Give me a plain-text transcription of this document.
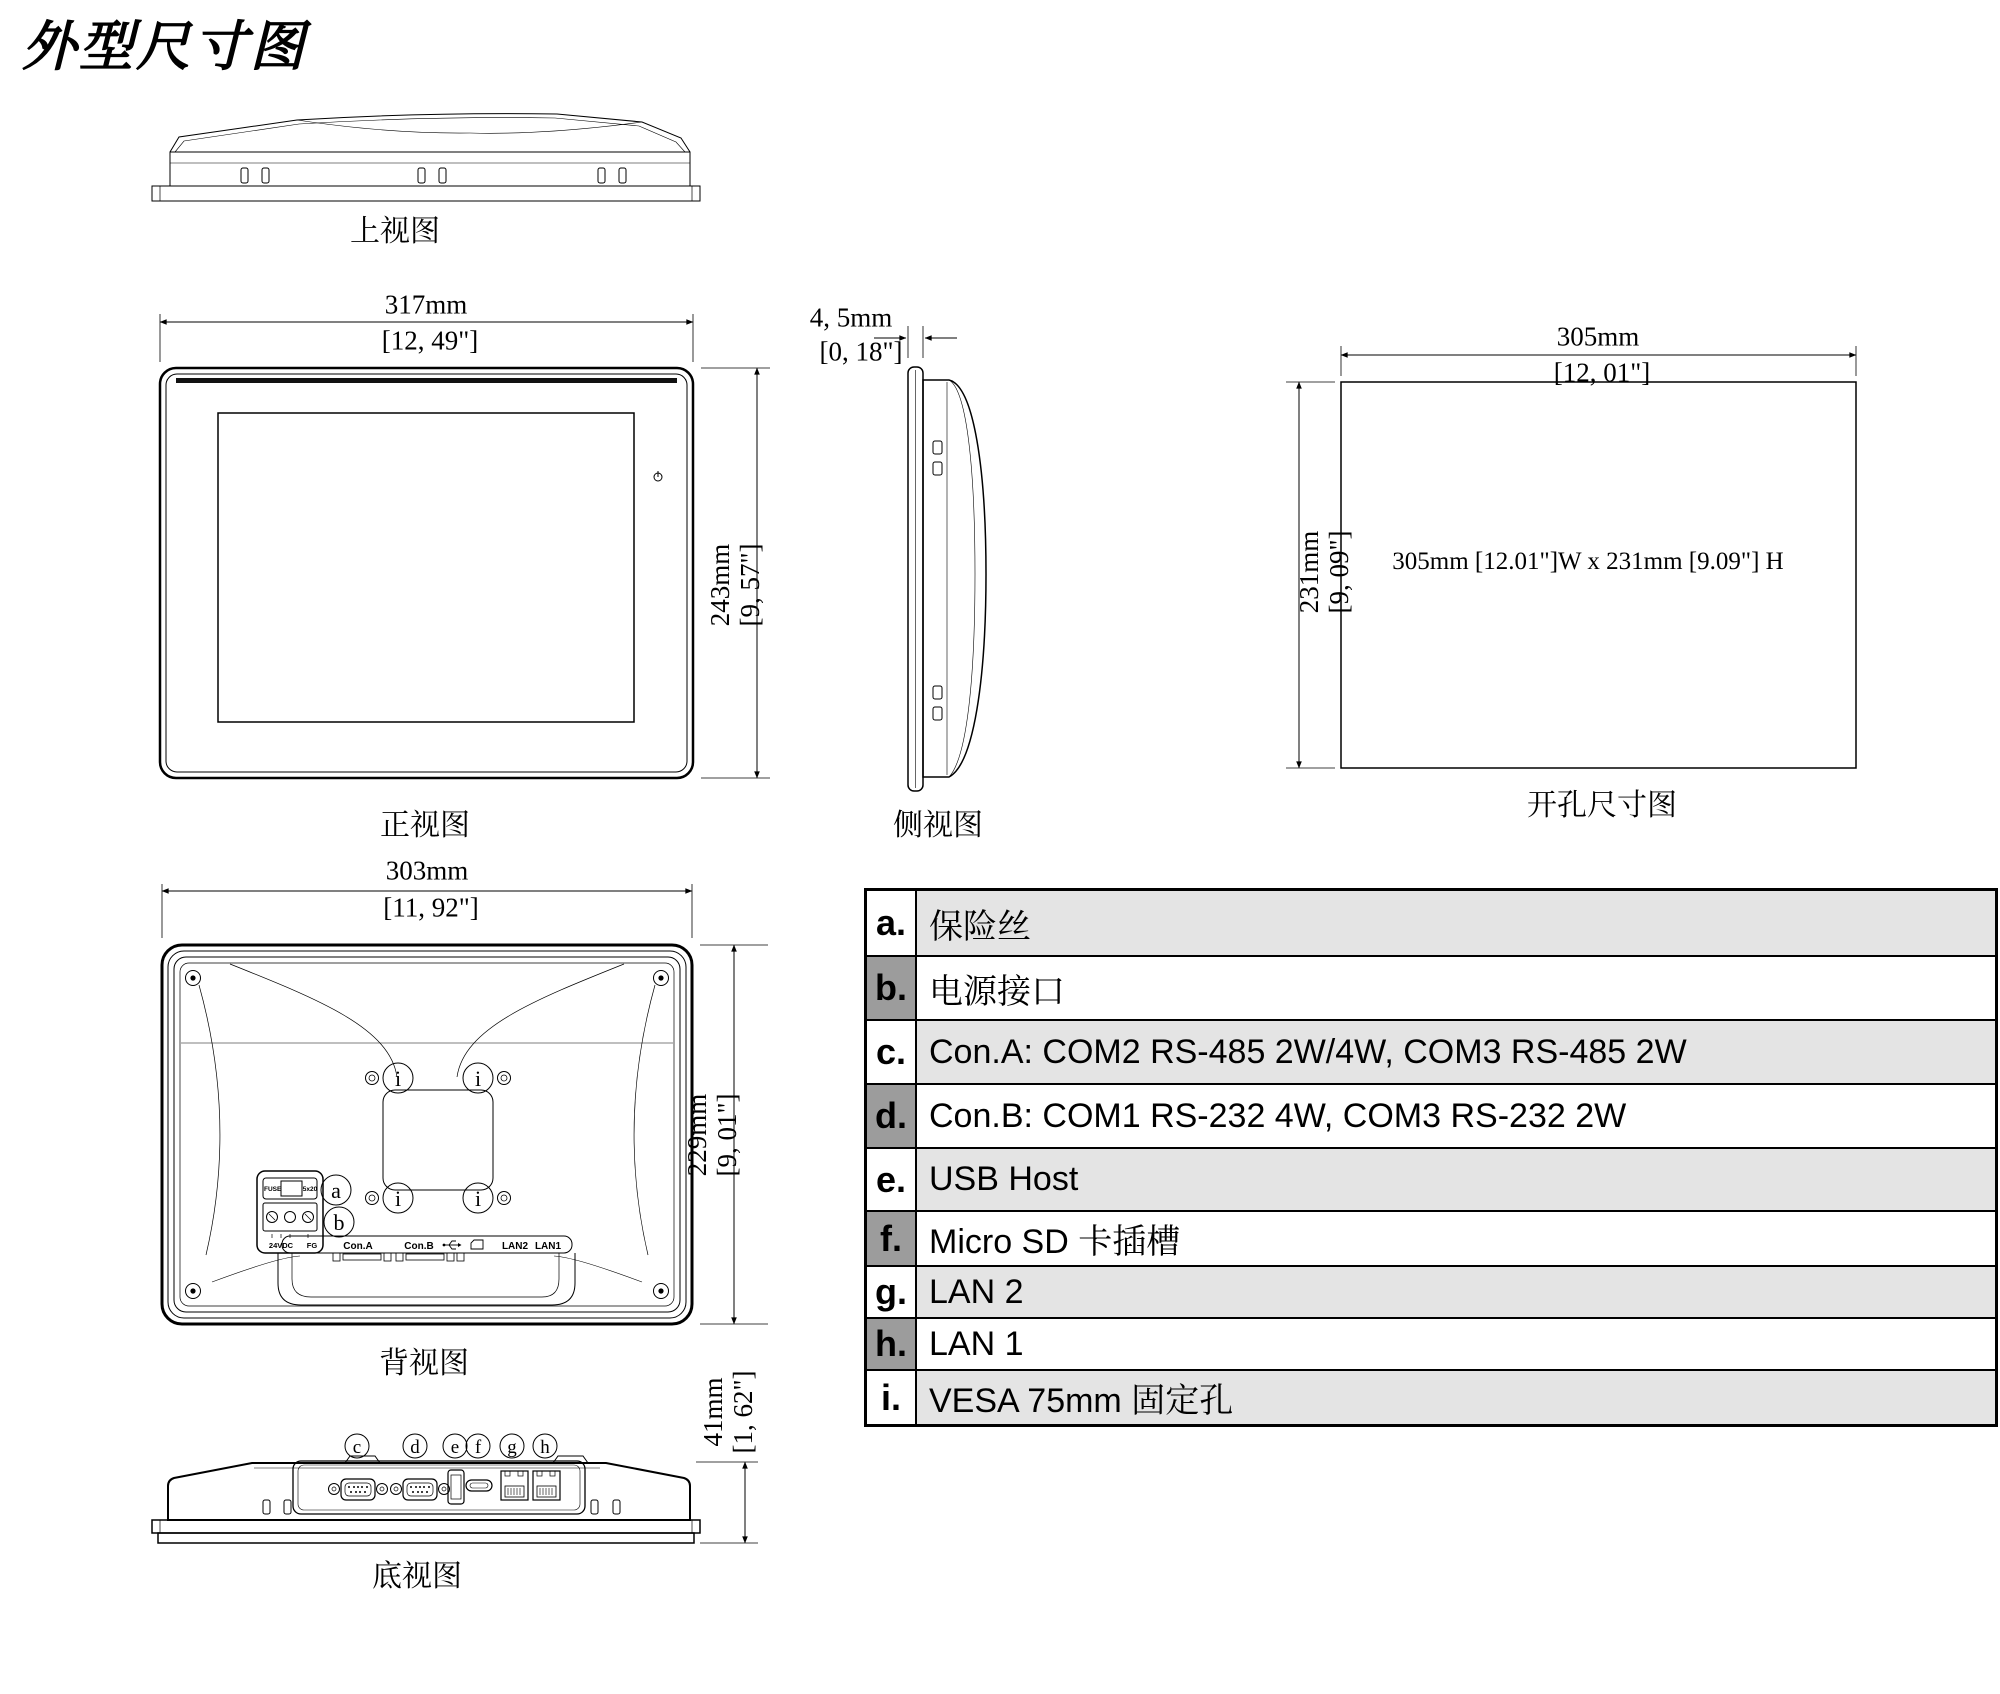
外型尺寸图
i	i
i	i
FUSE	5x20
24VDC FG
a
b
Con.A	Con.B	LAN2 LAN1
c	d e f g h
上视图
正视图	侧视图
开孔尺寸图
背视图
底视图
317mm
[12, 49"]
4, 5mm
[0, 18"]	305mm
[12, 01"]
303mm
[11, 92"]
243mm [9, 57"]	231mm [9, 09"]
229mm [9, 01"]
41mm [1, 62"]
305mm [12.01"]W x 231mm [9.09"] H
a. 保险丝
b. 电源接口
c. Con.A: COM2 RS-485 2W/4W, COM3 RS-485 2W
d. Con.B: COM1 RS-232 4W, COM3 RS-232 2W
e. USB Host
f. Micro SD 卡插槽
g. LAN 2
h. LAN 1
i. VESA 75mm 固定孔
